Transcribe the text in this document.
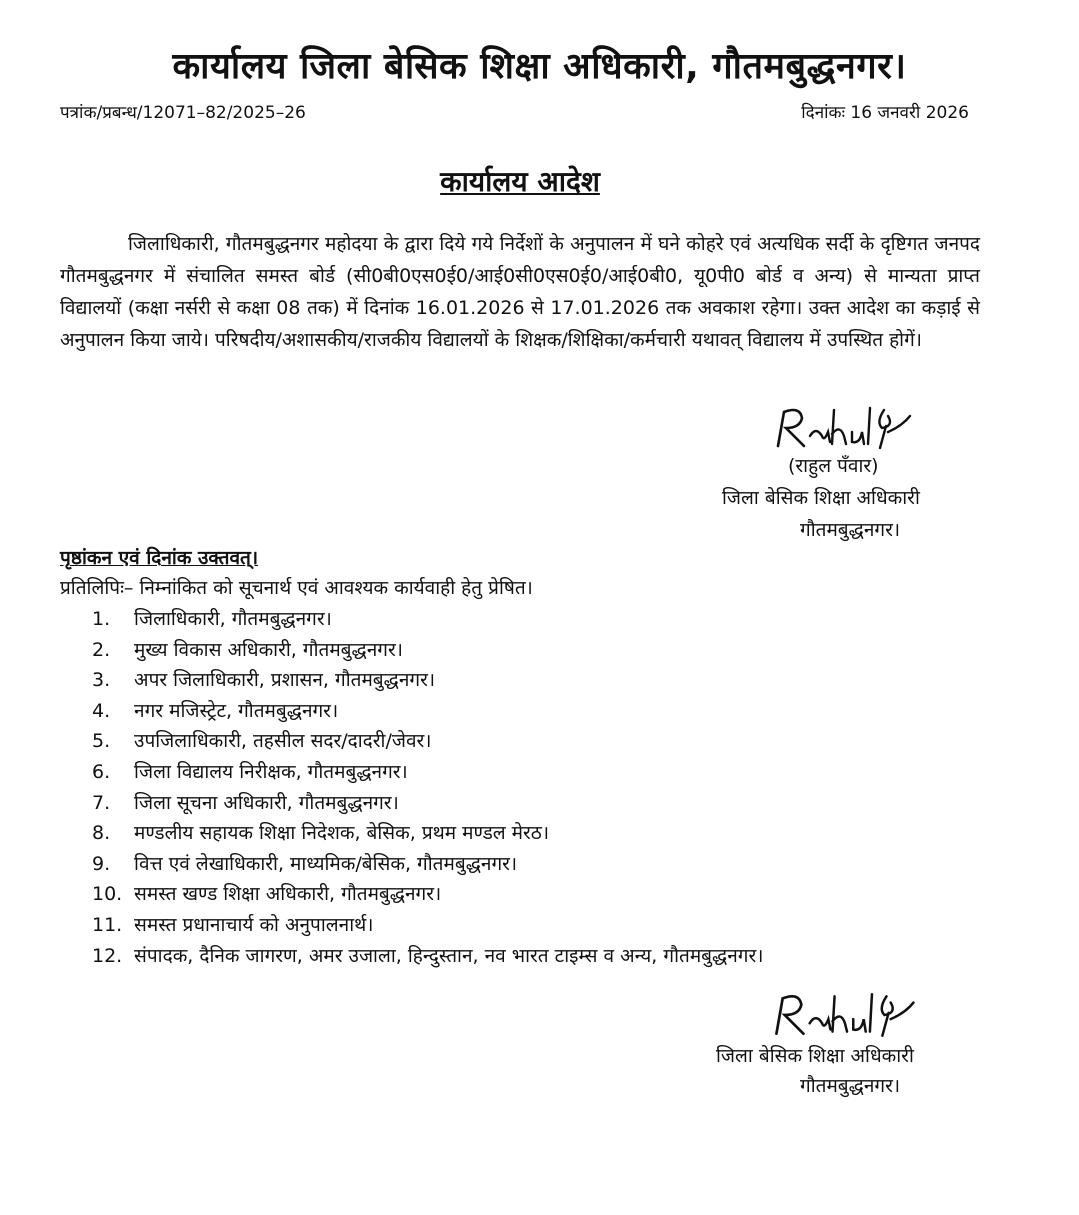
कार्यालय जिला बेसिक शिक्षा अधिकारी, गौतमबुद्धनगर।
पत्रांक/प्रबन्ध/12071–82/2025–26	दिनांकः 16 जनवरी 2026
कार्यालय आदेश
जिलाधिकारी, गौतमबुद्धनगर महोदया के द्वारा दिये गये निर्देशों के अनुपालन में घने कोहरे एवं अत्यधिक सर्दी के दृष्टिगत जनपद गौतमबुद्धनगर में संचालित समस्त बोर्ड (सी0बी0एस0ई0/आई0सी0एस0ई0/आई0बी0, यू0पी0 बोर्ड व अन्य) से मान्यता प्राप्त विद्यालयों (कक्षा नर्सरी से कक्षा 08 तक) में दिनांक 16.01.2026 से 17.01.2026 तक अवकाश रहेगा। उक्त आदेश का कड़ाई से अनुपालन किया जाये। परिषदीय/अशासकीय/राजकीय विद्यालयों के शिक्षक/शिक्षिका/कर्मचारी यथावत् विद्यालय में उपस्थित होगें।
(राहुल पँवार)
जिला बेसिक शिक्षा अधिकारी
गौतमबुद्धनगर।
पृष्ठांकन एवं दिनांक उक्तवत्।
प्रतिलिपिः– निम्नांकित को सूचनार्थ एवं आवश्यक कार्यवाही हेतु प्रेषित।
1. जिलाधिकारी, गौतमबुद्धनगर।
2. मुख्य विकास अधिकारी, गौतमबुद्धनगर।
3. अपर जिलाधिकारी, प्रशासन, गौतमबुद्धनगर।
4. नगर मजिस्ट्रेट, गौतमबुद्धनगर।
5. उपजिलाधिकारी, तहसील सदर/दादरी/जेवर।
6. जिला विद्यालय निरीक्षक, गौतमबुद्धनगर।
7. जिला सूचना अधिकारी, गौतमबुद्धनगर।
8. मण्डलीय सहायक शिक्षा निदेशक, बेसिक, प्रथम मण्डल मेरठ।
9. वित्त एवं लेखाधिकारी, माध्यमिक/बेसिक, गौतमबुद्धनगर।
10. समस्त खण्ड शिक्षा अधिकारी, गौतमबुद्धनगर।
11. समस्त प्रधानाचार्य को अनुपालनार्थ।
12. संपादक, दैनिक जागरण, अमर उजाला, हिन्दुस्तान, नव भारत टाइम्स व अन्य, गौतमबुद्धनगर।
जिला बेसिक शिक्षा अधिकारी
गौतमबुद्धनगर।
